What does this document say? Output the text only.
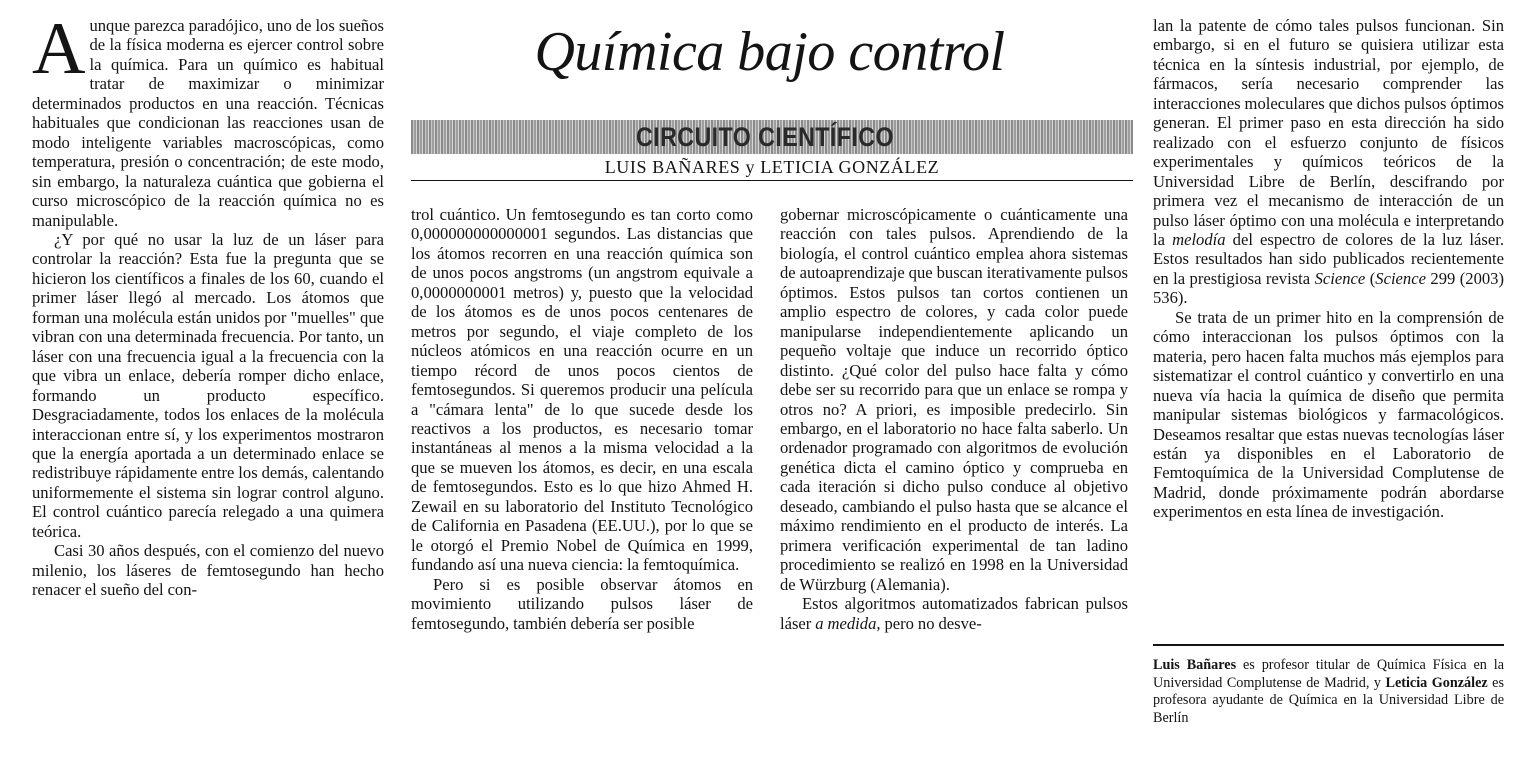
Química bajo control
CIRCUITO CIENTÍFICO
LUIS BAÑARES y LETICIA GONZÁLEZ

Aunque parezca paradójico, uno de los sueños de la física moderna es ejercer control sobre la química. Para un químico es habitual tratar de maximizar o minimizar determinados productos en una reacción. Técnicas habituales que condicionan las reacciones usan de modo inteligente variables macroscópicas, como temperatura, presión o concentración; de este modo, sin embargo, la naturaleza cuántica que gobierna el curso microscópico de la reacción química no es manipulable.

¿Y por qué no usar la luz de un láser para controlar la reacción? Esta fue la pregunta que se hicieron los científicos a finales de los 60, cuando el primer láser llegó al mercado. Los átomos que forman una molécula están unidos por "muelles" que vibran con una determinada frecuencia. Por tanto, un láser con una frecuencia igual a la frecuencia con la que vibra un enlace, debería romper dicho enlace, formando un producto específico. Desgraciadamente, todos los enlaces de la molécula interaccionan entre sí, y los experimentos mostraron que la energía aportada a un determinado enlace se redistribuye rápidamente entre los demás, calentando uniformemente el sistema sin lograr control alguno. El control cuántico parecía relegado a una quimera teórica.

Casi 30 años después, con el comienzo del nuevo milenio, los láseres de femtosegundo han hecho renacer el sueño del con-

trol cuántico. Un femtosegundo es tan corto como 0,000000000000001 segundos. Las distancias que los átomos recorren en una reacción química son de unos pocos angstroms (un angstrom equivale a 0,0000000001 metros) y, puesto que la velocidad de los átomos es de unos pocos centenares de metros por segundo, el viaje completo de los núcleos atómicos en una reacción ocurre en un tiempo récord de unos pocos cientos de femtosegundos. Si queremos producir una película a "cámara lenta" de lo que sucede desde los reactivos a los productos, es necesario tomar instantáneas al menos a la misma velocidad a la que se mueven los átomos, es decir, en una escala de femtosegundos. Esto es lo que hizo Ahmed H. Zewail en su laboratorio del Instituto Tecnológico de California en Pasadena (EE.UU.), por lo que se le otorgó el Premio Nobel de Química en 1999, fundando así una nueva ciencia: la femtoquímica.

Pero si es posible observar átomos en movimiento utilizando pulsos láser de femtosegundo, también debería ser posible

gobernar microscópicamente o cuánticamente una reacción con tales pulsos. Aprendiendo de la biología, el control cuántico emplea ahora sistemas de autoaprendizaje que buscan iterativamente pulsos óptimos. Estos pulsos tan cortos contienen un amplio espectro de colores, y cada color puede manipularse independientemente aplicando un pequeño voltaje que induce un recorrido óptico distinto. ¿Qué color del pulso hace falta y cómo debe ser su recorrido para que un enlace se rompa y otros no? A priori, es imposible predecirlo. Sin embargo, en el laboratorio no hace falta saberlo. Un ordenador programado con algoritmos de evolución genética dicta el camino óptico y comprueba en cada iteración si dicho pulso conduce al objetivo deseado, cambiando el pulso hasta que se alcance el máximo rendimiento en el producto de interés. La primera verificación experimental de tan ladino procedimiento se realizó en 1998 en la Universidad de Würzburg (Alemania).

Estos algoritmos automatizados fabrican pulsos láser a medida, pero no desve-

lan la patente de cómo tales pulsos funcionan. Sin embargo, si en el futuro se quisiera utilizar esta técnica en la síntesis industrial, por ejemplo, de fármacos, sería necesario comprender las interacciones moleculares que dichos pulsos óptimos generan. El primer paso en esta dirección ha sido realizado con el esfuerzo conjunto de físicos experimentales y químicos teóricos de la Universidad Libre de Berlín, descifrando por primera vez el mecanismo de interacción de un pulso láser óptimo con una molécula e interpretando la melodía del espectro de colores de la luz láser. Estos resultados han sido publicados recientemente en la prestigiosa revista Science (Science 299 (2003) 536).

Se trata de un primer hito en la comprensión de cómo interaccionan los pulsos óptimos con la materia, pero hacen falta muchos más ejemplos para sistematizar el control cuántico y convertirlo en una nueva vía hacia la química de diseño que permita manipular sistemas biológicos y farmacológicos. Deseamos resaltar que estas nuevas tecnologías láser están ya disponibles en el Laboratorio de Femtoquímica de la Universidad Complutense de Madrid, donde próximamente podrán abordarse experimentos en esta línea de investigación.

Luis Bañares es profesor titular de Química Física en la Universidad Complutense de Madrid, y Leticia González es profesora ayudante de Química en la Universidad Libre de Berlín
